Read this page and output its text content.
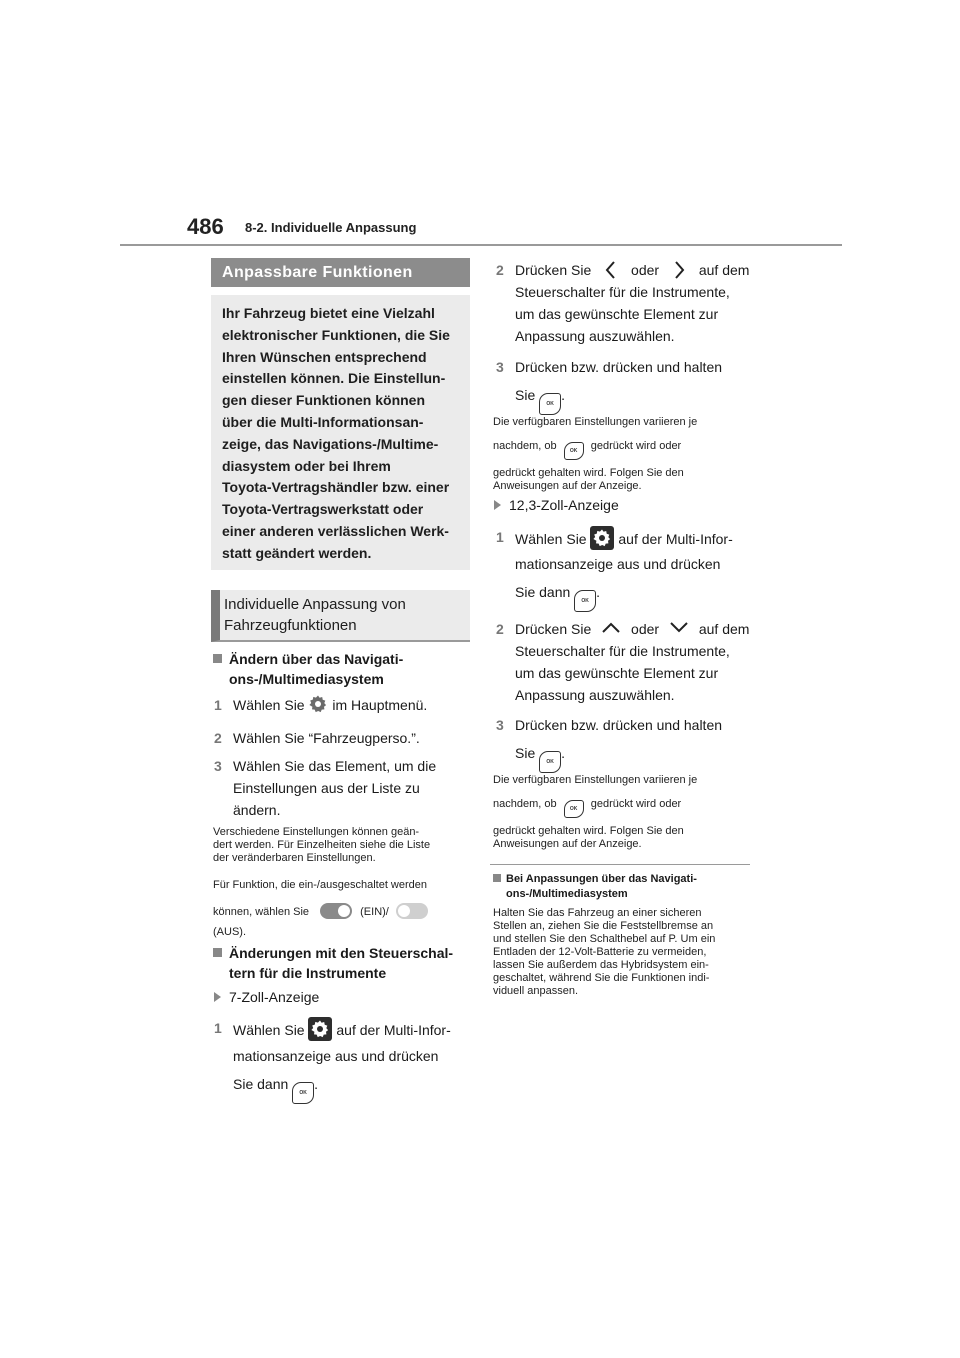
486 8-2. Individuelle Anpassung
Anpassbare Funktionen
Ihr Fahrzeug bietet eine Vielzahl
elektronischer Funktionen, die Sie
Ihren Wünschen entsprechend
einstellen können. Die Einstellun-
gen dieser Funktionen können
über die Multi-Informationsan-
zeige, das Navigations-/Multime-
diasystem oder bei Ihrem
Toyota-Vertragshändler bzw. einer
Toyota-Vertragswerkstatt oder
einer anderen verlässlichen Werk-
statt geändert werden.
Individuelle Anpassung von
Fahrzeugfunktionen
Ändern über das Navigati-
ons-/Multimediasystem
1 Wählen Sie im Hauptmenü.
2 Wählen Sie “Fahrzeugperso.”.
3 Wählen Sie das Element, um die
Einstellungen aus der Liste zu
ändern.
Verschiedene Einstellungen können geän-
dert werden. Für Einzelheiten siehe die Liste
der veränderbaren Einstellungen.
Für Funktion, die ein-/ausgeschaltet werden
können, wählen Sie	(EIN)/
(AUS).
Änderungen mit den Steuerschal-
tern für die Instrumente
7-Zoll-Anzeige
1 Wählen Sie auf der Multi-Infor-
mationsanzeige aus und drücken
Sie dann OK.
2 Drücken Sie	oder	auf dem
Steuerschalter für die Instrumente,
um das gewünschte Element zur
Anpassung auszuwählen.
3 Drücken bzw. drücken und halten
Sie OK.
Die verfügbaren Einstellungen variieren je
nachdem, ob	OK gedrückt wird oder
gedrückt gehalten wird. Folgen Sie den
Anweisungen auf der Anzeige.
12,3-Zoll-Anzeige
1 Wählen Sie auf der Multi-Infor-
mationsanzeige aus und drücken
Sie dann OK.
2 Drücken Sie	oder	auf dem
Steuerschalter für die Instrumente,
um das gewünschte Element zur
Anpassung auszuwählen.
3 Drücken bzw. drücken und halten
Sie OK.
Die verfügbaren Einstellungen variieren je
nachdem, ob	OK gedrückt wird oder
gedrückt gehalten wird. Folgen Sie den
Anweisungen auf der Anzeige.
Bei Anpassungen über das Navigati-
ons-/Multimediasystem
Halten Sie das Fahrzeug an einer sicheren
Stellen an, ziehen Sie die Feststellbremse an
und stellen Sie den Schalthebel auf P. Um ein
Entladen der 12-Volt-Batterie zu vermeiden,
lassen Sie außerdem das Hybridsystem ein-
geschaltet, während Sie die Funktionen indi-
viduell anpassen.
